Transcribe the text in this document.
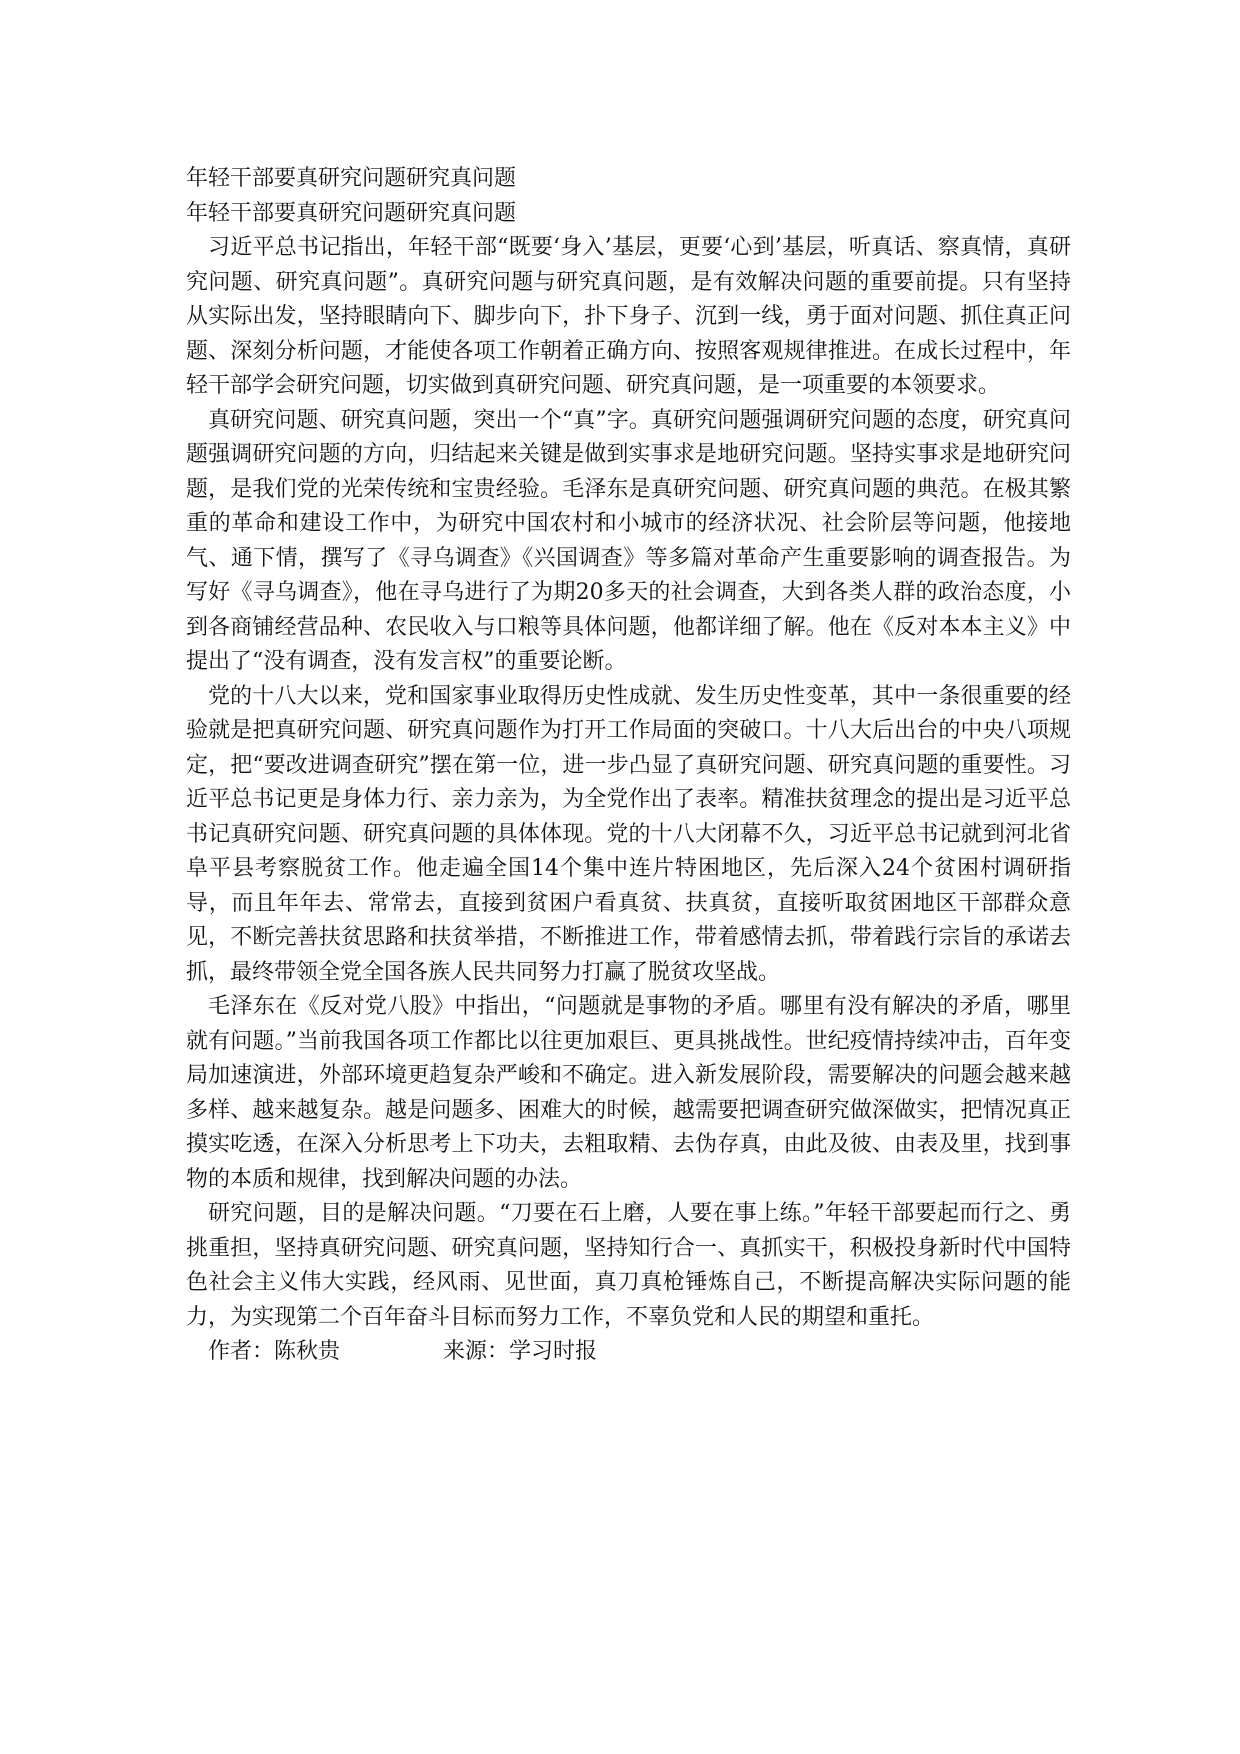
年轻干部要真研究问题研究真问题
年轻干部要真研究问题研究真问题

习近平总书记指出，年轻干部“既要‘身入’基层，更要‘心到’基层，听真话、察真情，真研究问题、研究真问题”。真研究问题与研究真问题，是有效解决问题的重要前提。只有坚持从实际出发，坚持眼睛向下、脚步向下，扑下身子、沉到一线，勇于面对问题、抓住真正问题、深刻分析问题，才能使各项工作朝着正确方向、按照客观规律推进。在成长过程中，年轻干部学会研究问题，切实做到真研究问题、研究真问题，是一项重要的本领要求。

真研究问题、研究真问题，突出一个“真”字。真研究问题强调研究问题的态度，研究真问题强调研究问题的方向，归结起来关键是做到实事求是地研究问题。坚持实事求是地研究问题，是我们党的光荣传统和宝贵经验。毛泽东是真研究问题、研究真问题的典范。在极其繁重的革命和建设工作中，为研究中国农村和小城市的经济状况、社会阶层等问题，他接地气、通下情，撰写了《寻乌调查》《兴国调查》等多篇对革命产生重要影响的调查报告。为写好《寻乌调查》，他在寻乌进行了为期20多天的社会调查，大到各类人群的政治态度，小到各商铺经营品种、农民收入与口粮等具体问题，他都详细了解。他在《反对本本主义》中提出了“没有调查，没有发言权”的重要论断。

党的十八大以来，党和国家事业取得历史性成就、发生历史性变革，其中一条很重要的经验就是把真研究问题、研究真问题作为打开工作局面的突破口。十八大后出台的中央八项规定，把“要改进调查研究”摆在第一位，进一步凸显了真研究问题、研究真问题的重要性。习近平总书记更是身体力行、亲力亲为，为全党作出了表率。精准扶贫理念的提出是习近平总书记真研究问题、研究真问题的具体体现。党的十八大闭幕不久，习近平总书记就到河北省阜平县考察脱贫工作。他走遍全国14个集中连片特困地区，先后深入24个贫困村调研指导，而且年年去、常常去，直接到贫困户看真贫、扶真贫，直接听取贫困地区干部群众意见，不断完善扶贫思路和扶贫举措，不断推进工作，带着感情去抓，带着践行宗旨的承诺去抓，最终带领全党全国各族人民共同努力打赢了脱贫攻坚战。

毛泽东在《反对党八股》中指出，“问题就是事物的矛盾。哪里有没有解决的矛盾，哪里就有问题。”当前我国各项工作都比以往更加艰巨、更具挑战性。世纪疫情持续冲击，百年变局加速演进，外部环境更趋复杂严峻和不确定。进入新发展阶段，需要解决的问题会越来越多样、越来越复杂。越是问题多、困难大的时候，越需要把调查研究做深做实，把情况真正摸实吃透，在深入分析思考上下功夫，去粗取精、去伪存真，由此及彼、由表及里，找到事物的本质和规律，找到解决问题的办法。

研究问题，目的是解决问题。“刀要在石上磨，人要在事上练。”年轻干部要起而行之、勇挑重担，坚持真研究问题、研究真问题，坚持知行合一、真抓实干，积极投身新时代中国特色社会主义伟大实践，经风雨、见世面，真刀真枪锤炼自己，不断提高解决实际问题的能力，为实现第二个百年奋斗目标而努力工作，不辜负党和人民的期望和重托。

作者：陈秋贵	来源：学习时报
